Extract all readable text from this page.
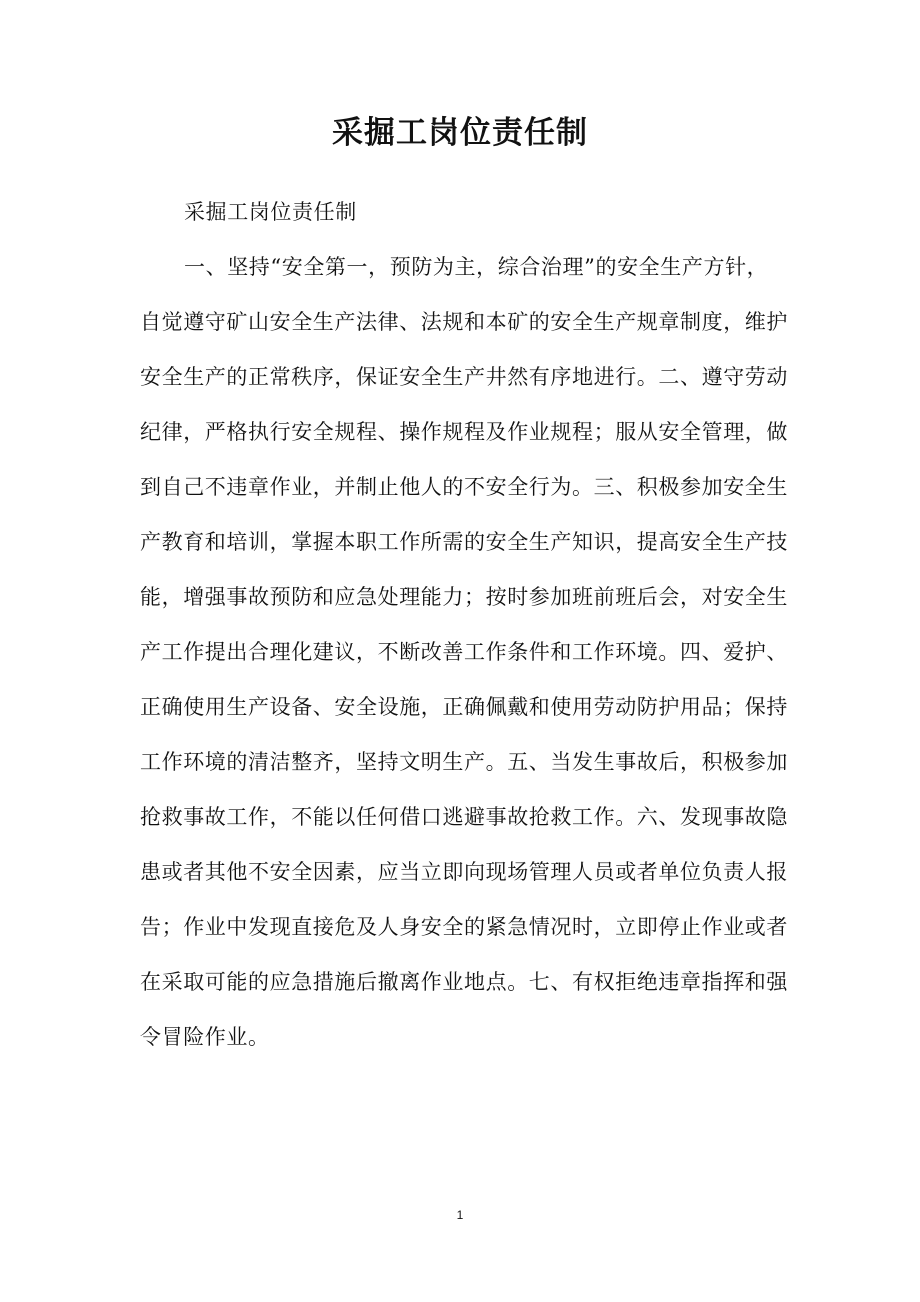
采掘工岗位责任制
采掘工岗位责任制
一、坚持“安全第一，预防为主，综合治理”的安全生产方针，
自觉遵守矿山安全生产法律、法规和本矿的安全生产规章制度，维护
安全生产的正常秩序，保证安全生产井然有序地进行。二、遵守劳动
纪律，严格执行安全规程、操作规程及作业规程；服从安全管理，做
到自己不违章作业，并制止他人的不安全行为。三、积极参加安全生
产教育和培训，掌握本职工作所需的安全生产知识，提高安全生产技
能，增强事故预防和应急处理能力；按时参加班前班后会，对安全生
产工作提出合理化建议，不断改善工作条件和工作环境。四、爱护、
正确使用生产设备、安全设施，正确佩戴和使用劳动防护用品；保持
工作环境的清洁整齐，坚持文明生产。五、当发生事故后，积极参加
抢救事故工作，不能以任何借口逃避事故抢救工作。六、发现事故隐
患或者其他不安全因素，应当立即向现场管理人员或者单位负责人报
告；作业中发现直接危及人身安全的紧急情况时，立即停止作业或者
在采取可能的应急措施后撤离作业地点。七、有权拒绝违章指挥和强
令冒险作业。
1
